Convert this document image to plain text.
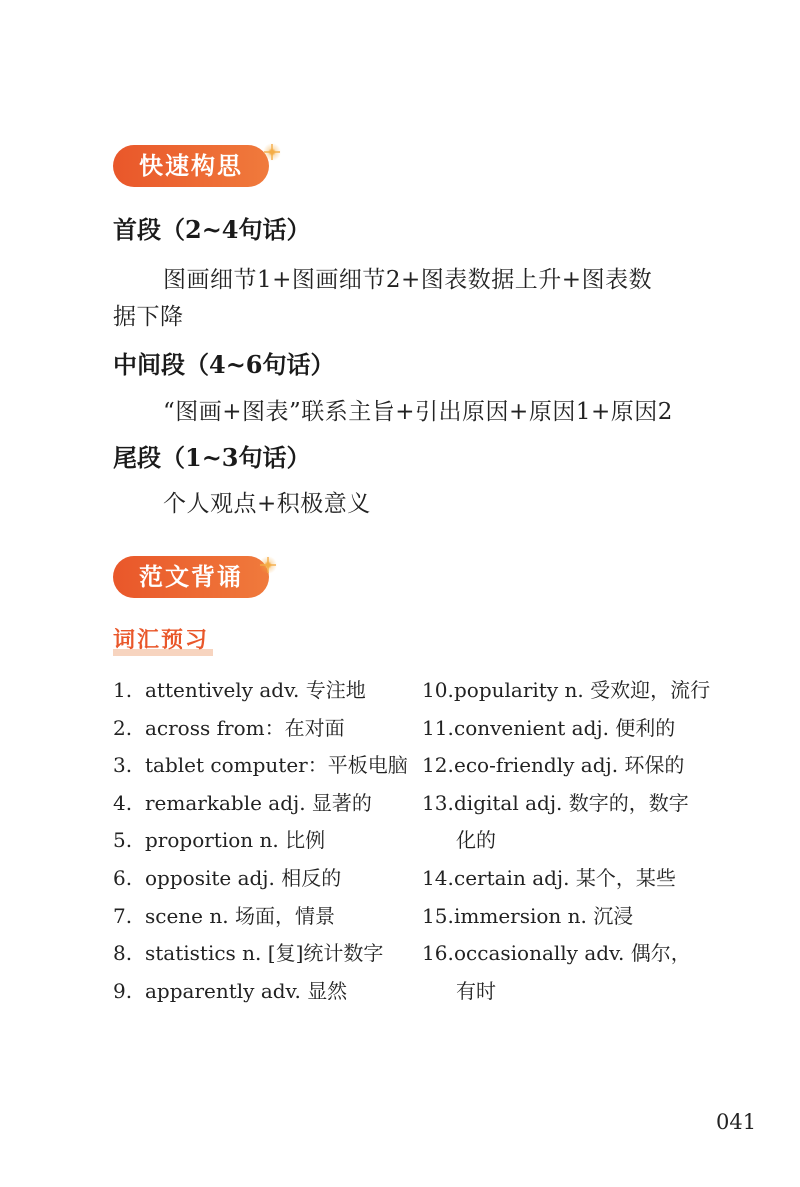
快速构思
首段（2~4句话）
图画细节1+图画细节2+图表数据上升+图表数
据下降
中间段（4~6句话）
“图画+图表”联系主旨+引出原因+原因1+原因2
尾段（1~3句话）
个人观点+积极意义
范文背诵
词汇预习
1. attentively adv. 专注地
2. across from：在对面
3. tablet computer：平板电脑
4. remarkable adj. 显著的
5. proportion n. 比例
6. opposite adj. 相反的
7. scene n. 场面，情景
8. statistics n. [复]统计数字
9. apparently adv. 显然
10.popularity n. 受欢迎，流行
11.convenient adj. 便利的
12.eco-friendly adj. 环保的
13.digital adj. 数字的，数字
化的
14.certain adj. 某个，某些
15.immersion n. 沉浸
16.occasionally adv. 偶尔，
有时
041
